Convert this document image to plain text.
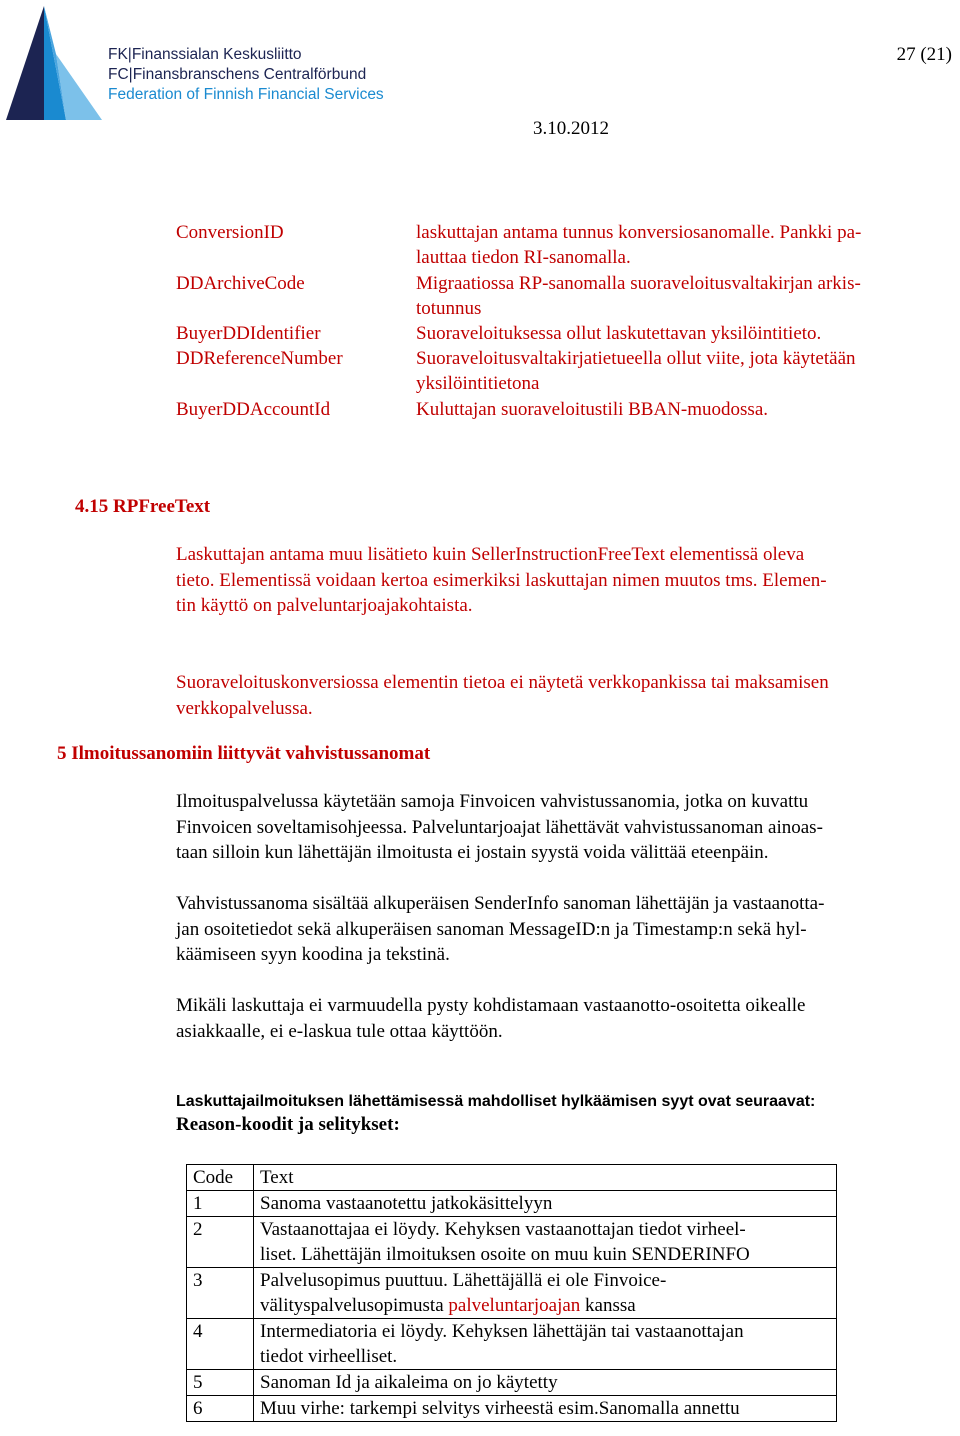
FK|Finanssialan Keskusliitto
FC|Finansbranschens Centralförbund
Federation of Finnish Financial Services
27 (21)
3.10.2012
ConversionID	laskuttajan antama tunnus konversiosanomalle. Pankki pa-
lauttaa tiedon RI-sanomalla.
DDArchiveCode	Migraatiossa RP-sanomalla suoraveloitusvaltakirjan arkis-
totunnus
BuyerDDIdentifier	Suoraveloituksessa ollut laskutettavan yksilöintitieto.
DDReferenceNumber	Suoraveloitusvaltakirjatietueella ollut viite, jota käytetään
yksilöintitietona
BuyerDDAccountId	Kuluttajan suoraveloitustili BBAN-muodossa.
4.15 RPFreeText
Laskuttajan antama muu lisätieto kuin SellerInstructionFreeText elementissä oleva
tieto. Elementissä voidaan kertoa esimerkiksi laskuttajan nimen muutos tms. Elemen-
tin käyttö on palveluntarjoajakohtaista.
Suoraveloituskonversiossa elementin tietoa ei näytetä verkkopankissa tai maksamisen
verkkopalvelussa.
5 Ilmoitussanomiin liittyvät vahvistussanomat
Ilmoituspalvelussa käytetään samoja Finvoicen vahvistussanomia, jotka on kuvattu
Finvoicen soveltamisohjeessa. Palveluntarjoajat lähettävät vahvistussanoman ainoas-
taan silloin kun lähettäjän ilmoitusta ei jostain syystä voida välittää eteenpäin.
Vahvistussanoma sisältää alkuperäisen SenderInfo sanoman lähettäjän ja vastaanotta-
jan osoitetiedot sekä alkuperäisen sanoman MessageID:n ja Timestamp:n sekä hyl-
käämiseen syyn koodina ja tekstinä.
Mikäli laskuttaja ei varmuudella pysty kohdistamaan vastaanotto-osoitetta oikealle
asiakkaalle, ei e-laskua tule ottaa käyttöön.
Laskuttajailmoituksen lähettämisessä mahdolliset hylkäämisen syyt ovat seuraavat:
Reason-koodit ja selitykset:
Code	Text
1	Sanoma vastaanotettu jatkokäsittelyyn

2	Vastaanottajaa ei löydy. Kehyksen vastaanottajan tiedot virheel-
liset. Lähettäjän ilmoituksen osoite on muu kuin SENDERINFO

3	Palvelusopimus puuttuu. Lähettäjällä ei ole Finvoice-
välityspalvelusopimusta palveluntarjoajan kanssa

4	Intermediatoria ei löydy. Kehyksen lähettäjän tai vastaanottajan
tiedot virheelliset.

5	Sanoman Id ja aikaleima on jo käytetty

6	Muu virhe: tarkempi selvitys virheestä esim.Sanomalla annettu
